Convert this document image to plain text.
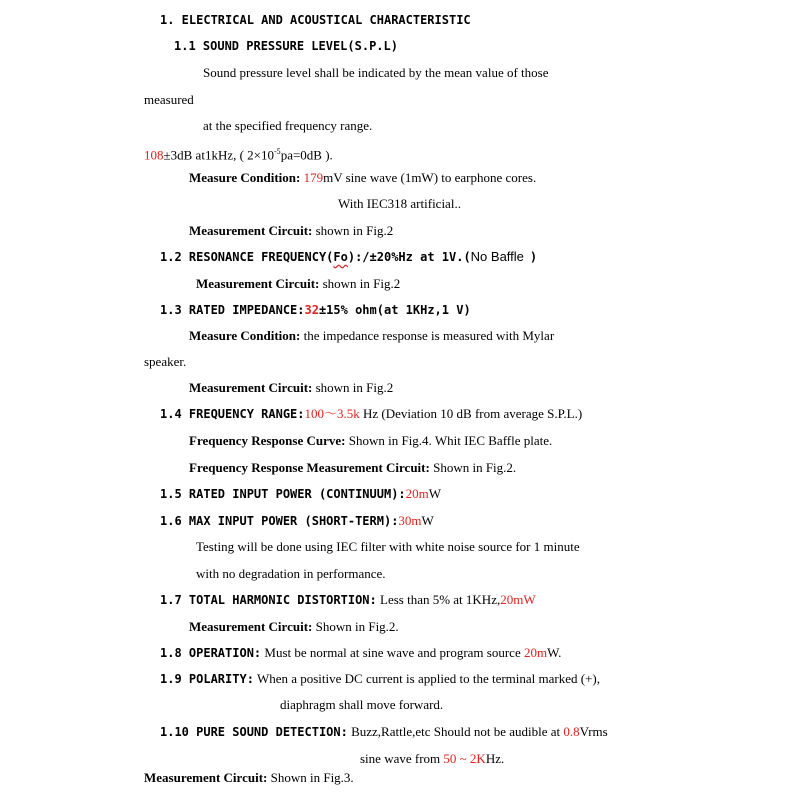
1. ELECTRICAL AND ACOUSTICAL CHARACTERISTIC
1.1 SOUND PRESSURE LEVEL(S.P.L)
Sound pressure level shall be indicated by the mean value of those
measured
at the specified frequency range.
108±3dB at1kHz, ( $2\times 10^{-5}pa=0dB$ ).
Measure Condition: 179mV sine wave (1mW) to earphone cores.
With IEC318 artificial..
Measurement Circuit: shown in Fig.2
1.2 RESONANCE FREQUENCY(Fo):/±20%Hz at 1V.(No Baffle )
Measurement Circuit: shown in Fig.2
1.3 RATED IMPEDANCE:32±15% ohm(at 1KHz,1 V)
Measure Condition: the impedance response is measured with Mylar
speaker.
Measurement Circuit: shown in Fig.2
1.4 FREQUENCY RANGE:100～3.5k Hz (Deviation 10 dB from average S.P.L.)
Frequency Response Curve: Shown in Fig.4. Whit IEC Baffle plate.
Frequency Response Measurement Circuit: Shown in Fig.2.
1.5 RATED INPUT POWER (CONTINUUM):20mW
1.6 MAX INPUT POWER (SHORT-TERM):30mW
Testing will be done using IEC filter with white noise source for 1 minute
with no degradation in performance.
1.7 TOTAL HARMONIC DISTORTION: Less than 5% at 1KHz,20mW
Measurement Circuit: Shown in Fig.2.
1.8 OPERATION: Must be normal at sine wave and program source 20mW.
1.9 POLARITY: When a positive DC current is applied to the terminal marked (+),
diaphragm shall move forward.
1.10 PURE SOUND DETECTION: Buzz,Rattle,etc Should not be audible at 0.8Vrms
sine wave from 50 ~ 2KHz.
Measurement Circuit: Shown in Fig.3.
